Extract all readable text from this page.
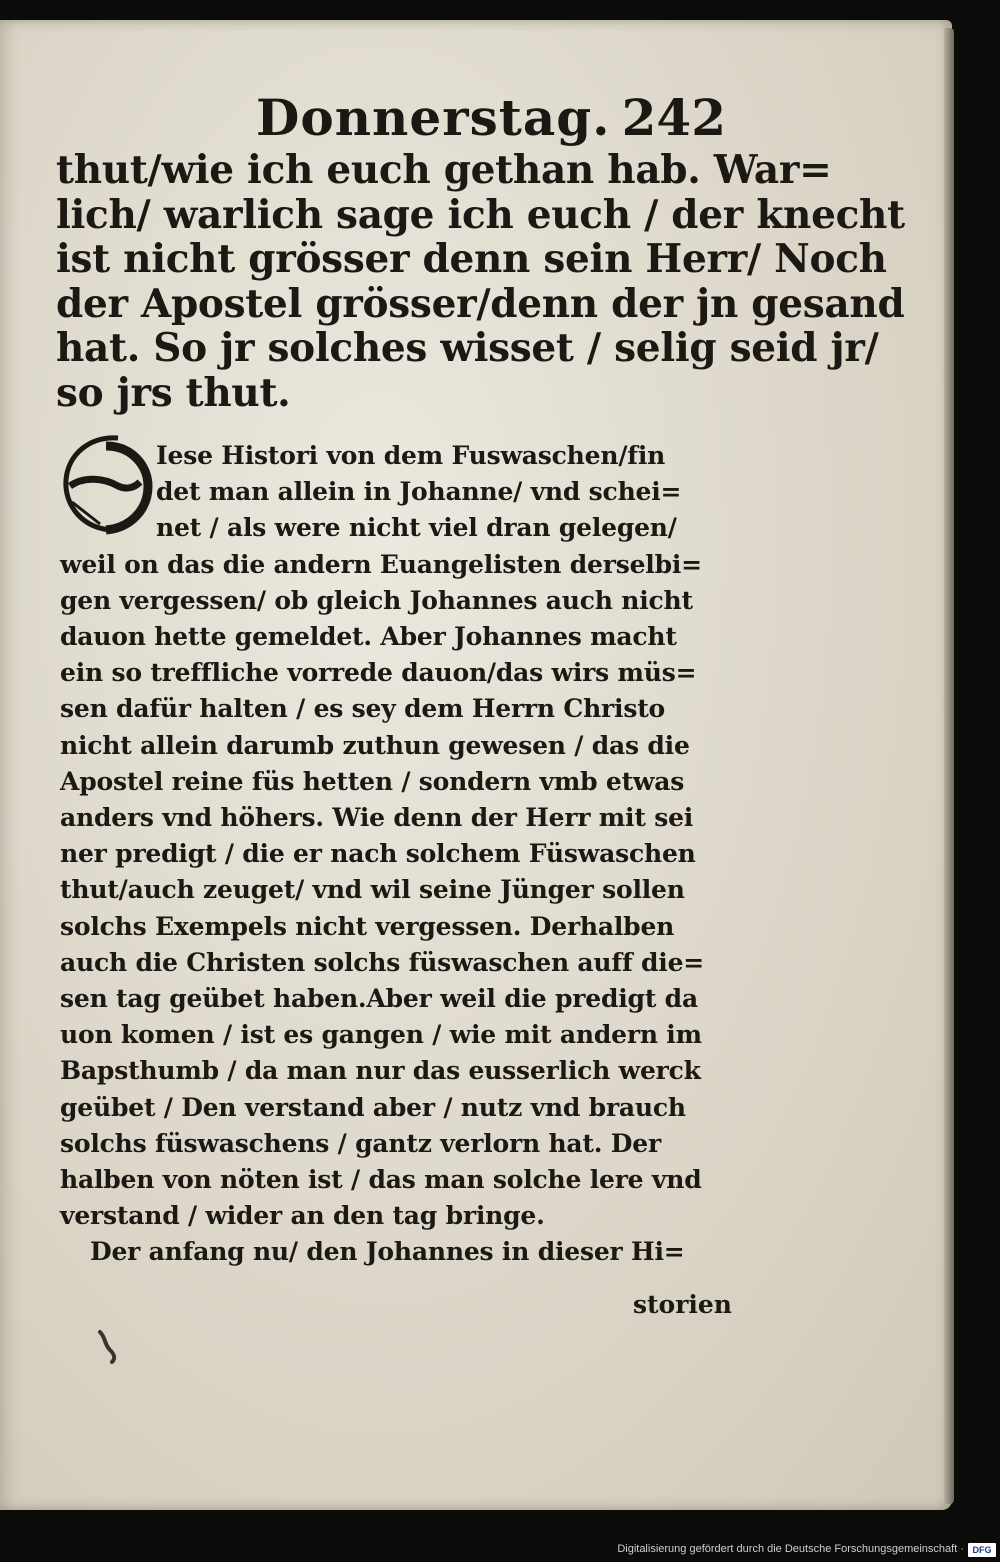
Donnerstag. 242
thut/wie ich euch gethan hab. War=
lich/ warlich sage ich euch / der knecht
ist nicht grösser denn sein Herr/ Noch
der Apostel grösser/denn der jn gesand
hat. So jr solches wisset / selig seid jr/
so jrs thut.
D
Iese Histori von dem Fuswaschen/fin
det man allein in Johanne/ vnd schei=
net / als were nicht viel dran gelegen/
weil on das die andern Euangelisten derselbi=
gen vergessen/ ob gleich Johannes auch nicht
dauon hette gemeldet. Aber Johannes macht
ein so treffliche vorrede dauon/das wirs müs=
sen dafür halten / es sey dem Herrn Christo
nicht allein darumb zuthun gewesen / das die
Apostel reine füs hetten / sondern vmb etwas
anders vnd höhers. Wie denn der Herr mit sei
ner predigt / die er nach solchem Füswaschen
thut/auch zeuget/ vnd wil seine Jünger sollen
solchs Exempels nicht vergessen. Derhalben
auch die Christen solchs füswaschen auff die=
sen tag geübet haben.Aber weil die predigt da
uon komen / ist es gangen / wie mit andern im
Bapsthumb / da man nur das eusserlich werck
geübet / Den verstand aber / nutz vnd brauch
solchs füswaschens / gantz verlorn hat. Der
halben von nöten ist / das man solche lere vnd
verstand / wider an den tag bringe.
Der anfang nu/ den Johannes in dieser Hi=
storien
Digitalisierung gefördert durch die Deutsche Forschungsgemeinschaft · DFG
